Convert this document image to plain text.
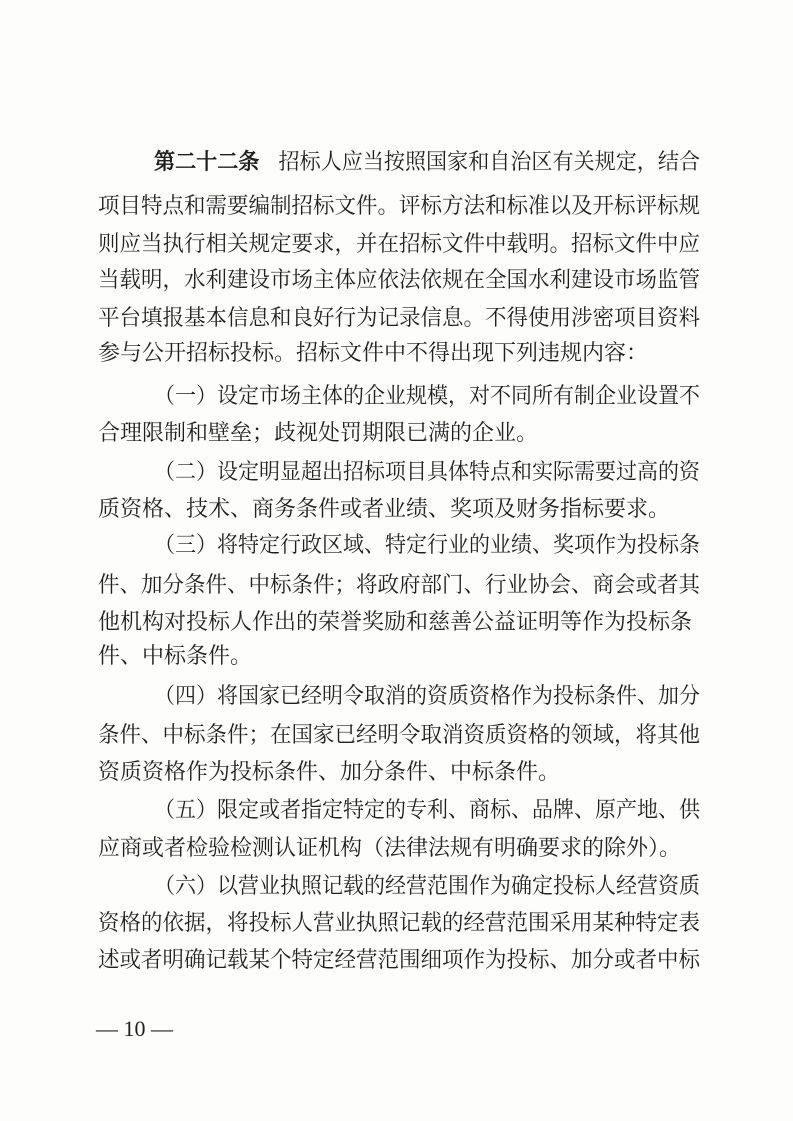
第二十二条 招标人应当按照国家和自治区有关规定，结合
项目特点和需要编制招标文件。评标方法和标准以及开标评标规
则应当执行相关规定要求，并在招标文件中载明。招标文件中应
当载明，水利建设市场主体应依法依规在全国水利建设市场监管
平台填报基本信息和良好行为记录信息。不得使用涉密项目资料
参与公开招标投标。招标文件中不得出现下列违规内容：
（一）设定市场主体的企业规模，对不同所有制企业设置不
合理限制和壁垒；歧视处罚期限已满的企业。
（二）设定明显超出招标项目具体特点和实际需要过高的资
质资格、技术、商务条件或者业绩、奖项及财务指标要求。
（三）将特定行政区域、特定行业的业绩、奖项作为投标条
件、加分条件、中标条件；将政府部门、行业协会、商会或者其
他机构对投标人作出的荣誉奖励和慈善公益证明等作为投标条
件、中标条件。
（四）将国家已经明令取消的资质资格作为投标条件、加分
条件、中标条件；在国家已经明令取消资质资格的领域，将其他
资质资格作为投标条件、加分条件、中标条件。
（五）限定或者指定特定的专利、商标、品牌、原产地、供
应商或者检验检测认证机构（法律法规有明确要求的除外）。
（六）以营业执照记载的经营范围作为确定投标人经营资质
资格的依据，将投标人营业执照记载的经营范围采用某种特定表
述或者明确记载某个特定经营范围细项作为投标、加分或者中标
— 10 —
